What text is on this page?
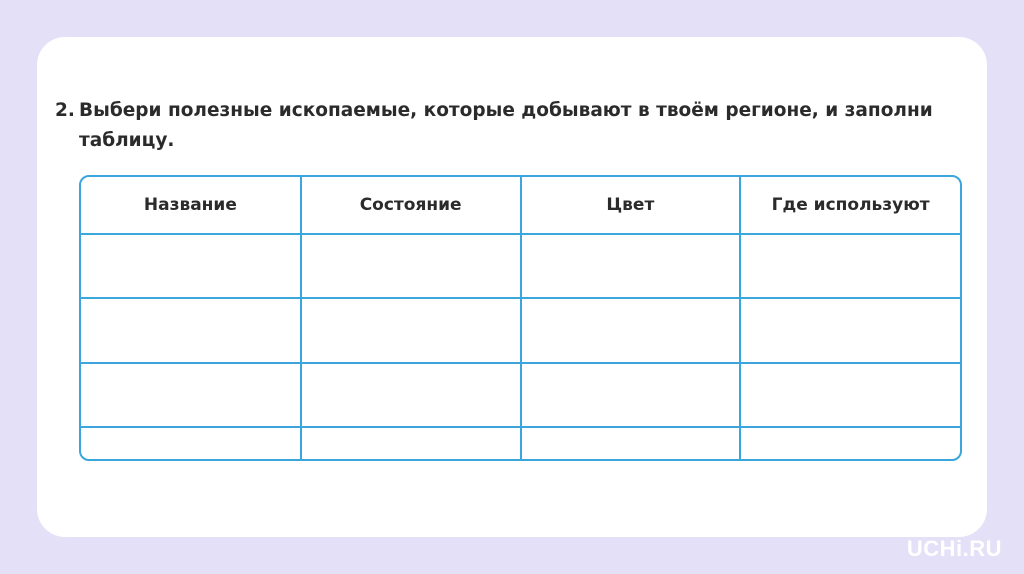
2. Выбери полезные ископаемые, которые добывают в твоём регионе, и заполни
таблицу.
Название	Состояние	Цвет	Где используют

UCHi.RU
